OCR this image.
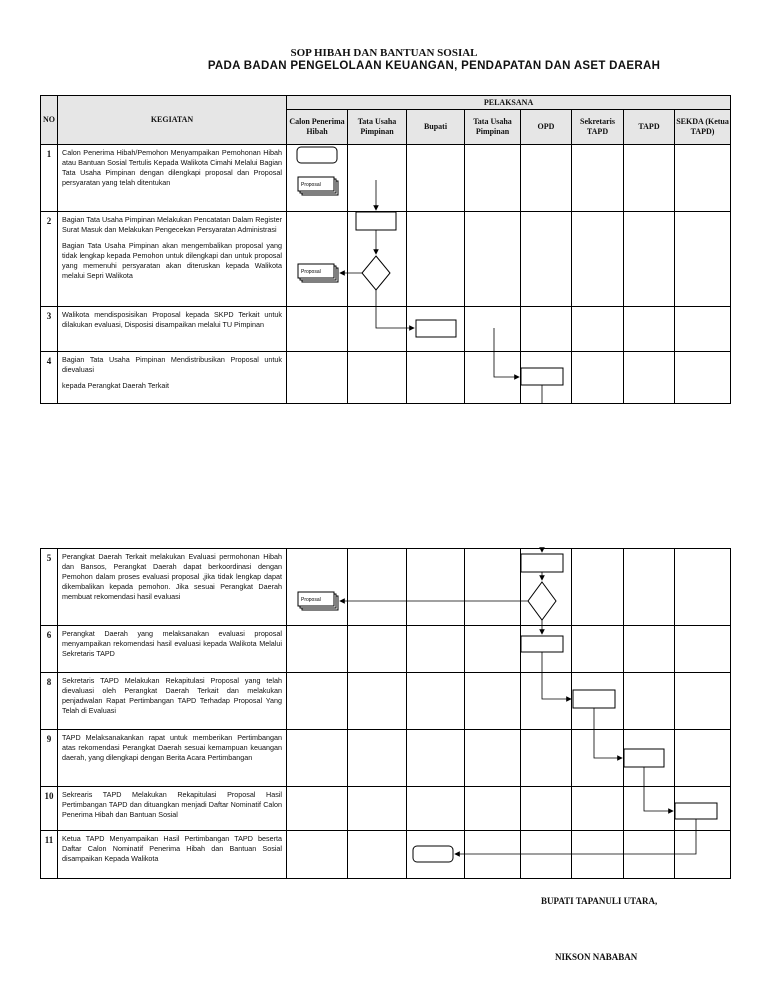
SOP HIBAH DAN BANTUAN SOSIAL
PADA BADAN PENGELOLAAN KEUANGAN, PENDAPATAN DAN ASET DAERAH
NO	KEGIATAN	PELAKSANA							
		Calon Penerima Hibah	Tata Usaha Pimpinan	Bupati	Tata Usaha Pimpinan	OPD	Sekretaris TAPD	TAPD	SEKDA (Ketua TAPD)
1	Calon Penerima Hibah/Pemohon Menyampaikan Pemohonan Hibah atau Bantuan Sosial Tertulis Kepada Walikota Cimahi Melalui Bagian Tata Usaha Pimpinan dengan dilengkapi proposal dan Proposal persyaratan yang telah ditentukan								

2	Bagian Tata Usaha Pimpinan Melakukan Pencatatan Dalam Register Surat Masuk dan Melakukan Pengecekan Persyaratan Administrasi

Bagian Tata Usaha Pimpinan akan mengembalikan proposal yang tidak lengkap kepada Pemohon untuk dilengkapi dan untuk proposal yang memenuhi persyaratan akan diteruskan kepada Walikota melalui Sepri Walikota								

3	Walikota mendisposisikan Proposal kepada SKPD Terkait untuk dilakukan evaluasi, Disposisi disampaikan melalui TU Pimpinan								

4	Bagian Tata Usaha Pimpinan Mendistribusikan Proposal untuk dievaluasi

kepada Perangkat Daerah Terkait								

5	Perangkat Daerah Terkait melakukan Evaluasi permohonan Hibah dan Bansos, Perangkat Daerah dapat berkoordinasi dengan Pemohon dalam proses evaluasi proposal ,jika tidak lengkap dapat dikembalikan kepada pemohon. Jika sesuai Perangkat Daerah membuat rekomendasi hasil evaluasi								

6	Perangkat Daerah yang melaksanakan evaluasi proposal menyampaikan rekomendasi hasil evaluasi kepada Walikota Melalui Sekretaris TAPD								

8	Sekretaris TAPD Melakukan Rekapitulasi Proposal yang telah dievaluasi oleh Perangkat Daerah Terkait dan melakukan penjadwalan Rapat Pertimbangan TAPD Terhadap Proposal Yang Telah di Evaluasi								

9	TAPD Melaksanakankan rapat untuk memberikan Pertimbangan atas rekomendasi Perangkat Daerah sesuai kemampuan keuangan daerah, yang dilengkapi dengan Berita Acara Pertimbangan								

10	Sekrearis TAPD Melakukan Rekapitulasi Proposal Hasil Pertimbangan TAPD dan dituangkan menjadi Daftar Nominatif Calon Penerima Hibah dan Bantuan Sosial								

11	Ketua TAPD Menyampaikan Hasil Pertimbangan TAPD beserta Daftar Calon Nominatif Penerima Hibah dan Bantuan Sosial disampaikan Kepada Walikota								

Proposal
Proposal
Proposal
BUPATI TAPANULI UTARA,
NIKSON NABABAN
